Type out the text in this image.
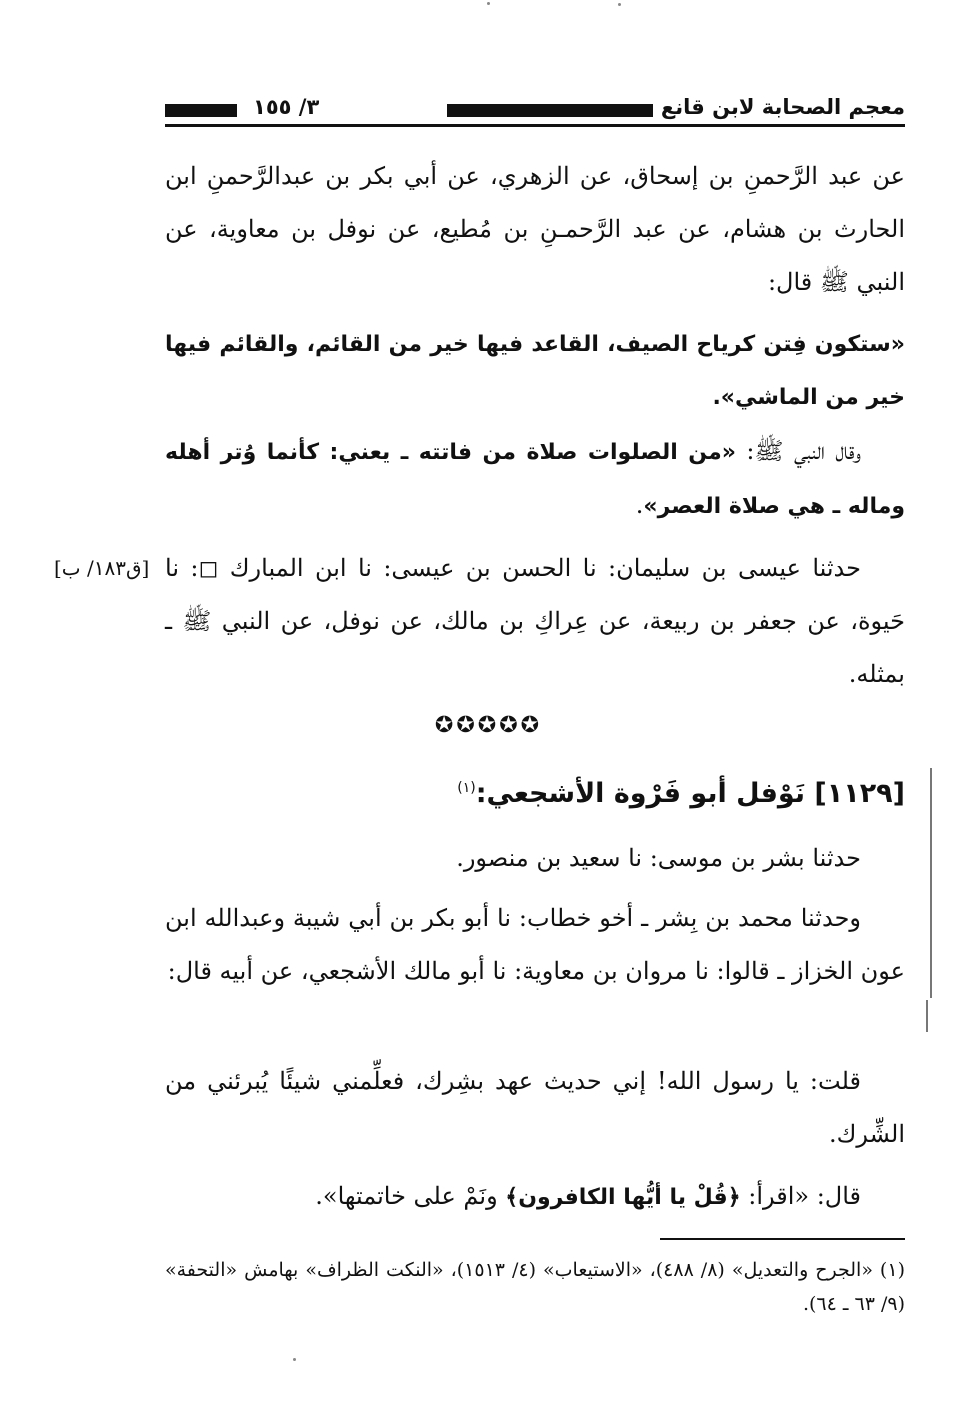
معجم الصحابة لابن قانع
٣/ ١٥٥

عن عبد الرَّحمنِ بن إسحاق، عن الزهري، عن أبي بكر بن عبدالرَّحمنِ ابن الحارث بن هشام، عن عبد الرَّحمـنِ بن مُطيع، عن نوفل بن معاوية، عن النبي ﷺ قال:

«ستكون فِتن كرياح الصيف، القاعد فيها خير من القائم، والقائم فيها خير من الماشي».

وقال النبي ﷺ: «من الصلوات صلاة من فاتته ـ يعني: كأنما وُتر أهله وماله ـ هي صلاة العصر».

[ق١٨٣/ ب] حدثنا عيسى بن سليمان: نا الحسن بن عيسى: نا ابن المبارك ◻: نا حَيوة، عن جعفر بن ربيعة، عن عِراكِ بن مالك، عن نوفل، عن النبي ﷺ ـ بمثله.

✪✪✪✪✪
[١١٢٩] نَوْفل أبو فَرْوة الأشجعي:$^{(١)}$

حدثنا بشر بن موسى: نا سعيد بن منصور.

وحدثنا محمد بن بِشر ـ أخو خطاب: نا أبو بكر بن أبي شيبة وعبدالله ابن عون الخزاز ـ قالوا: نا مروان بن معاوية: نا أبو مالك الأشجعي، عن أبيه قال:

قلت: يا رسول الله! إني حديث عهد بشِرك، فعلِّمني شيئًا يُبرئني من الشِّرك.

قال: «اقرأ: ﴿قُلْ يا أيُّها الكافرون﴾ ونَمْ على خاتمتها».

(١) «الجرح والتعديل» (٨/ ٤٨٨)، «الاستيعاب» (٤/ ١٥١٣)، «النكت الظراف» بهامش «التحفة» (٩/ ٦٣ ـ ٦٤).
